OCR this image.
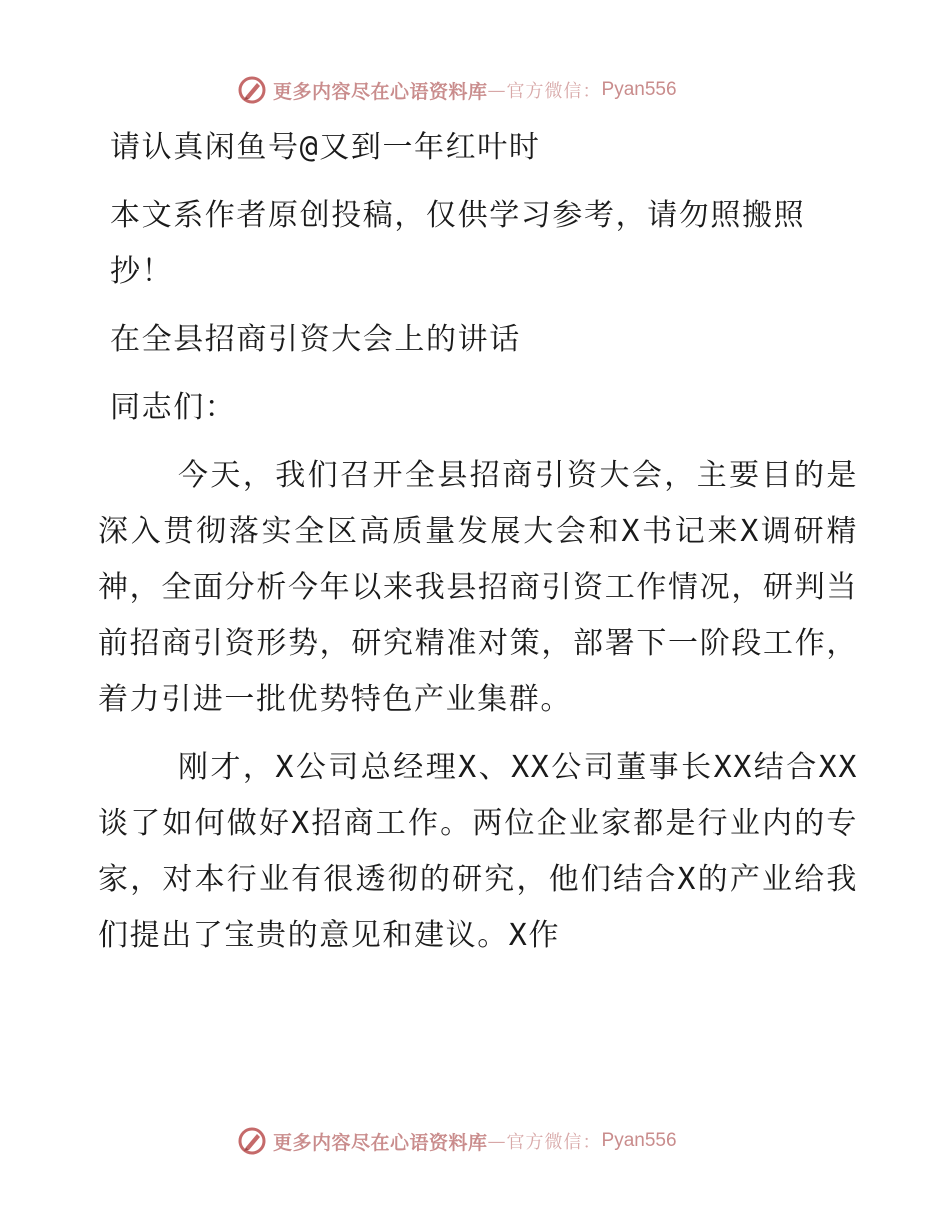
更多内容尽在心语资料库 — 官方微信： Pyan556

请认真闲鱼号@又到一年红叶时

本文系作者原创投稿，仅供学习参考，请勿照搬照抄！

在全县招商引资大会上的讲话

同志们：

今天，我们召开全县招商引资大会，主要目的是深入贯彻落实全区高质量发展大会和X书记来X调研精神，全面分析今年以来我县招商引资工作情况，研判当前招商引资形势，研究精准对策，部署下一阶段工作，着力引进一批优势特色产业集群。

刚才，X公司总经理X、XX公司董事长XX结合XX谈了如何做好X招商工作。两位企业家都是行业内的专家，对本行业有很透彻的研究，他们结合X的产业给我们提出了宝贵的意见和建议。X作

更多内容尽在心语资料库 — 官方微信： Pyan556
